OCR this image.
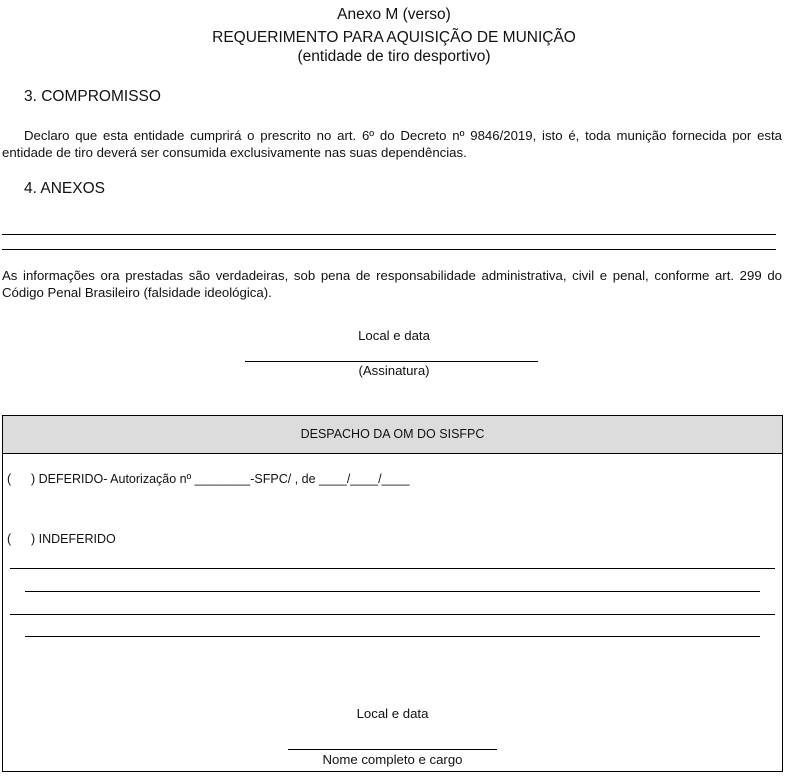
Anexo M (verso)
REQUERIMENTO PARA AQUISIÇÃO DE MUNIÇÃO
(entidade de tiro desportivo)
3. COMPROMISSO
Declaro que esta entidade cumprirá o prescrito no art. 6º do Decreto nº 9846/2019, isto é, toda munição fornecida por esta entidade de tiro deverá ser consumida exclusivamente nas suas dependências.
4. ANEXOS
As informações ora prestadas são verdadeiras, sob pena de responsabilidade administrativa, civil e penal, conforme art. 299 do Código Penal Brasileiro (falsidade ideológica).
Local e data
(Assinatura)
DESPACHO DA OM DO SISFPC
( ) DEFERIDO- Autorização nº ________-SFPC/ , de ____/____/____
( ) INDEFERIDO
Local e data
Nome completo e cargo
